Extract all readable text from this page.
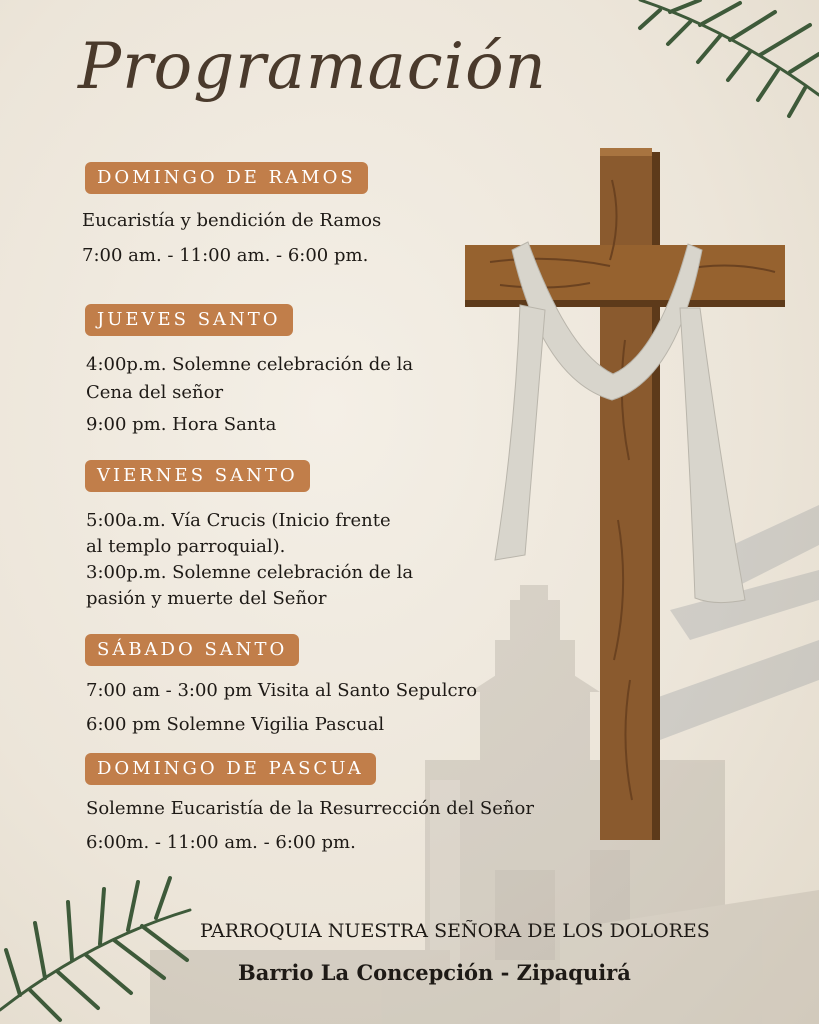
Programación
DOMINGO DE RAMOS
Eucaristía y bendición de Ramos
7:00 am. - 11:00 am. - 6:00 pm.
JUEVES SANTO
4:00p.m. Solemne celebración de la
Cena del señor
9:00 pm. Hora Santa
VIERNES SANTO
5:00a.m. Vía Crucis (Inicio frente
al templo parroquial).
3:00p.m. Solemne celebración de la
pasión y muerte del Señor
SÁBADO SANTO
7:00 am - 3:00 pm Visita al Santo Sepulcro
6:00 pm Solemne Vigilia Pascual
DOMINGO DE PASCUA
Solemne Eucaristía de la Resurrección del Señor
6:00m. - 11:00 am. - 6:00 pm.
PARROQUIA NUESTRA SEÑORA DE LOS DOLORES
Barrio La Concepción - Zipaquirá
